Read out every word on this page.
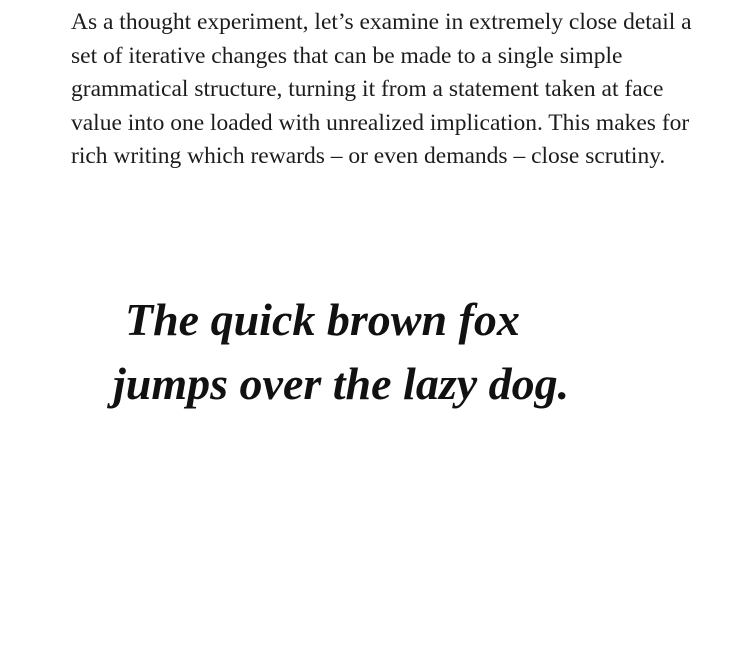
As a thought experiment, let’s examine in extremely close detail a set of iterative changes that can be made to a single simple grammatical structure, turning it from a statement taken at face value into one loaded with unrealized implication. This makes for rich writing which rewards – or even demands – close scrutiny.

The quick brown fox
jumps over the lazy dog.
